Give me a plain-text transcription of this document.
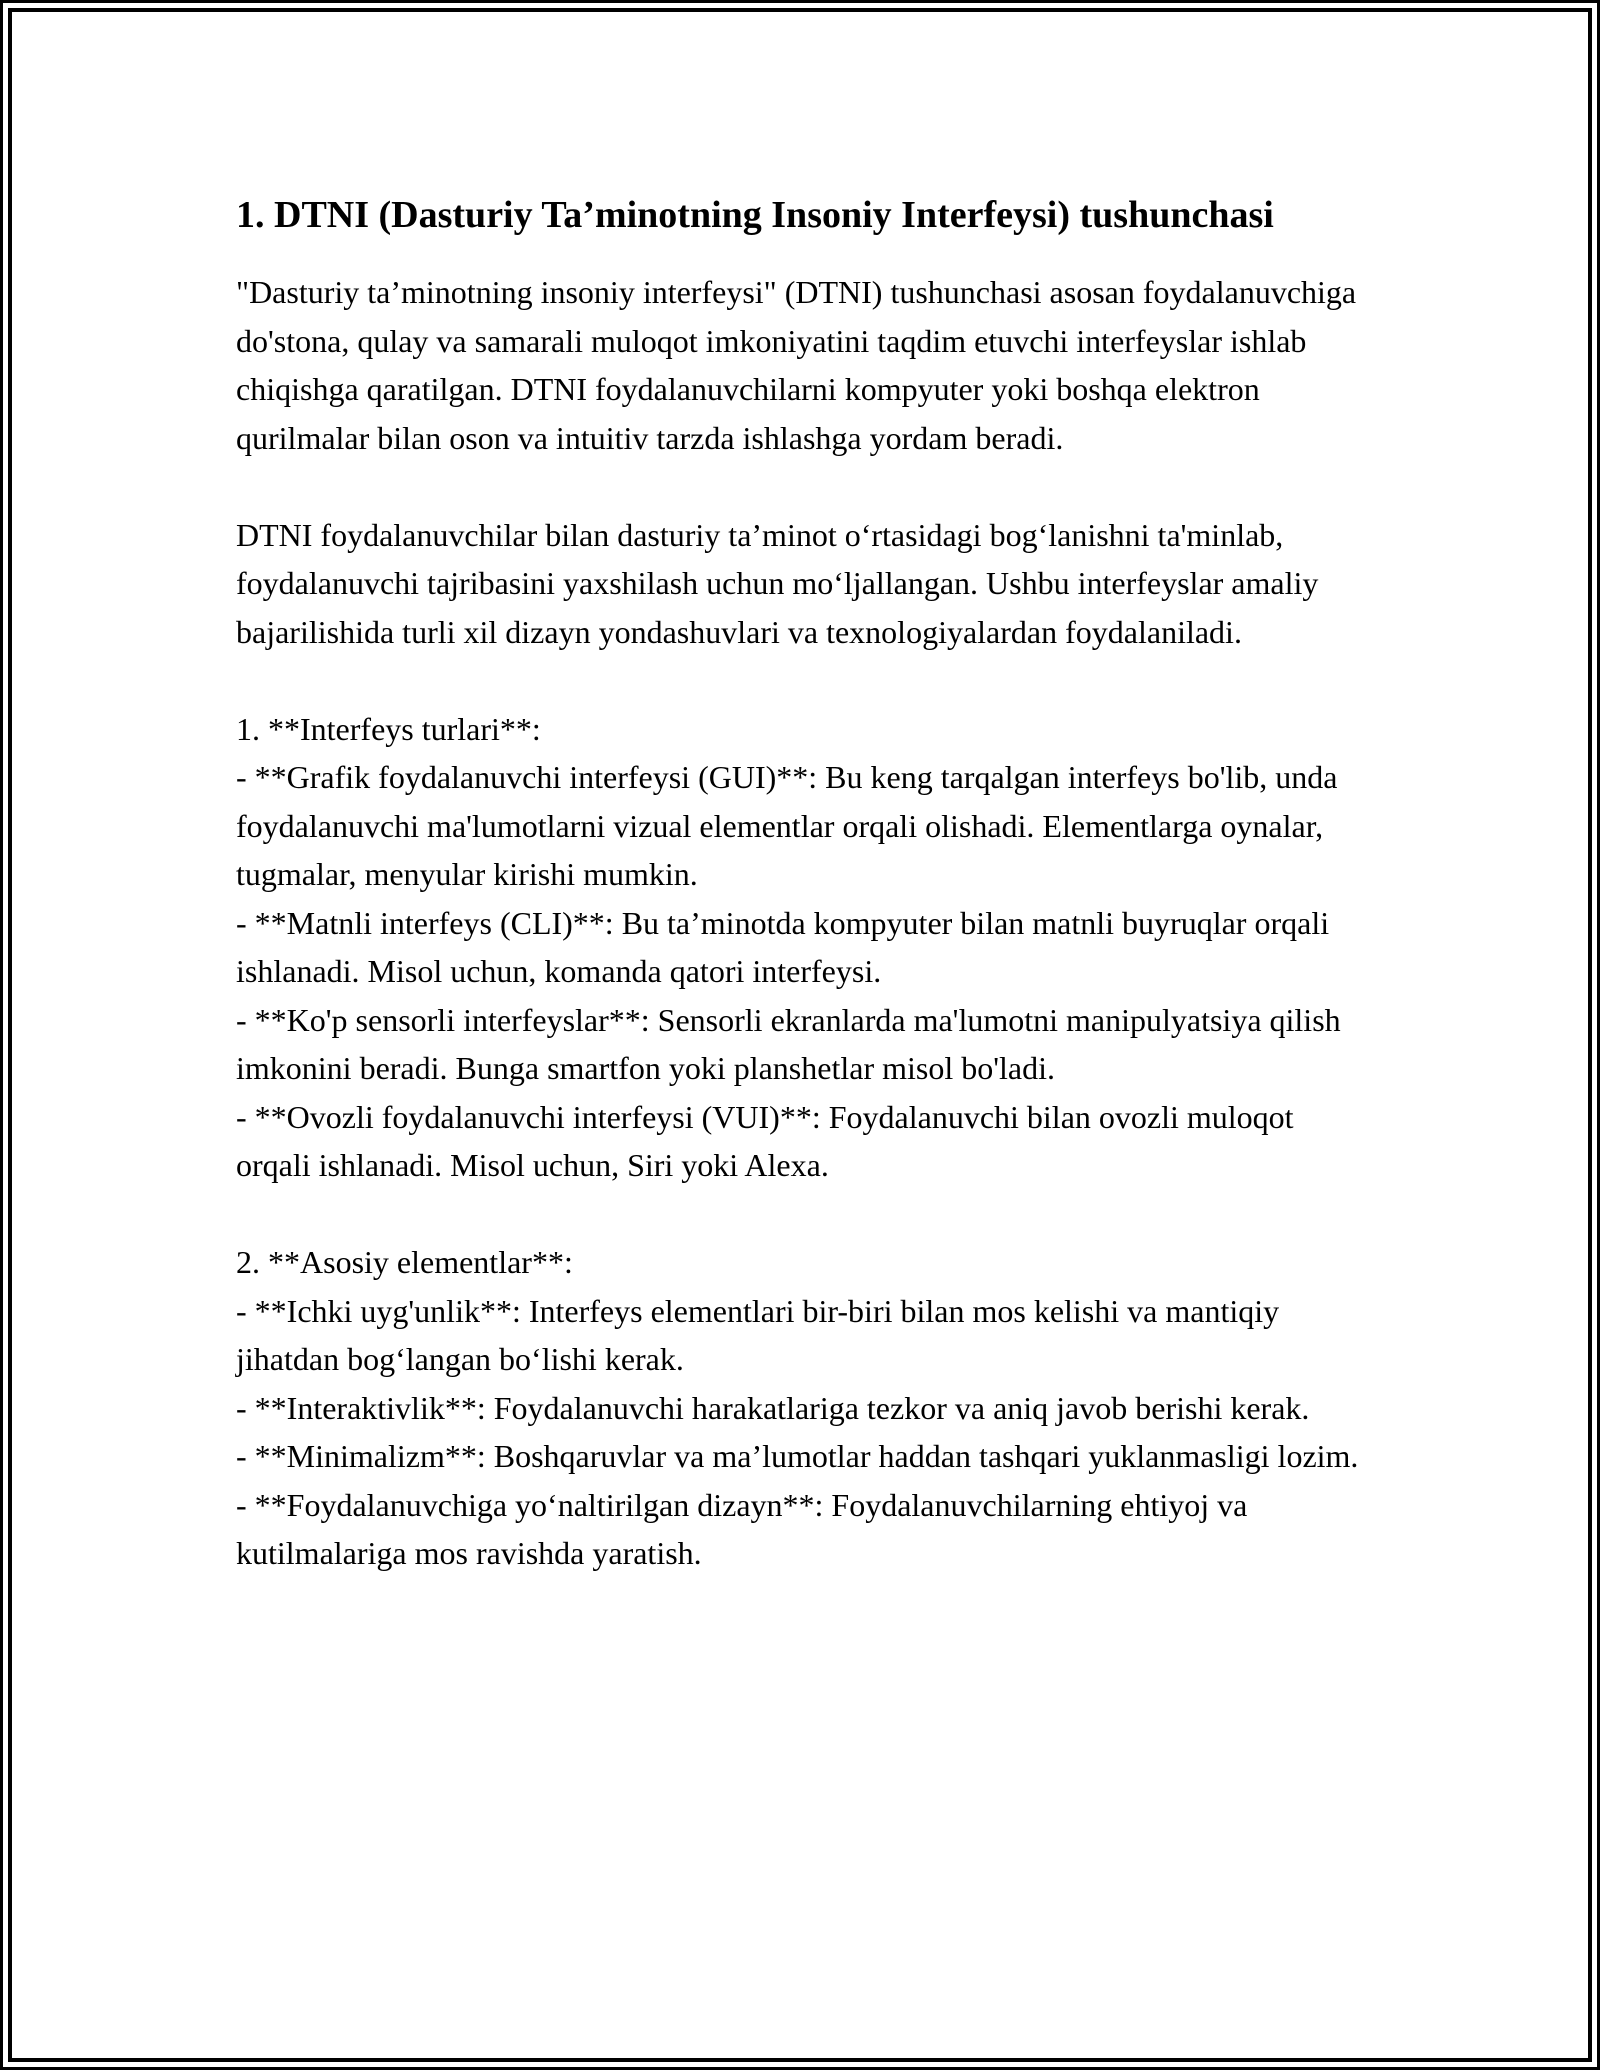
1. DTNI (Dasturiy Ta’minotning Insoniy Interfeysi) tushunchasi

"Dasturiy ta’minotning insoniy interfeysi" (DTNI) tushunchasi asosan foydalanuvchiga do'stona, qulay va samarali muloqot imkoniyatini taqdim etuvchi interfeyslar ishlab chiqishga qaratilgan. DTNI foydalanuvchilarni kompyuter yoki boshqa elektron qurilmalar bilan oson va intuitiv tarzda ishlashga yordam beradi.

DTNI foydalanuvchilar bilan dasturiy ta’minot o‘rtasidagi bog‘lanishni ta'minlab, foydalanuvchi tajribasini yaxshilash uchun mo‘ljallangan. Ushbu interfeyslar amaliy bajarilishida turli xil dizayn yondashuvlari va texnologiyalardan foydalaniladi.

1. **Interfeys turlari**:

- **Grafik foydalanuvchi interfeysi (GUI)**: Bu keng tarqalgan interfeys bo'lib, unda foydalanuvchi ma'lumotlarni vizual elementlar orqali olishadi. Elementlarga oynalar, tugmalar, menyular kirishi mumkin.

- **Matnli interfeys (CLI)**: Bu ta’minotda kompyuter bilan matnli buyruqlar orqali ishlanadi. Misol uchun, komanda qatori interfeysi.

- **Ko'p sensorli interfeyslar**: Sensorli ekranlarda ma'lumotni manipulyatsiya qilish imkonini beradi. Bunga smartfon yoki planshetlar misol bo'ladi.

- **Ovozli foydalanuvchi interfeysi (VUI)**: Foydalanuvchi bilan ovozli muloqot orqali ishlanadi. Misol uchun, Siri yoki Alexa.

2. **Asosiy elementlar**:

- **Ichki uyg'unlik**: Interfeys elementlari bir-biri bilan mos kelishi va mantiqiy jihatdan bog‘langan bo‘lishi kerak.

- **Interaktivlik**: Foydalanuvchi harakatlariga tezkor va aniq javob berishi kerak.

- **Minimalizm**: Boshqaruvlar va ma’lumotlar haddan tashqari yuklanmasligi lozim.

- **Foydalanuvchiga yo‘naltirilgan dizayn**: Foydalanuvchilarning ehtiyoj va kutilmalariga mos ravishda yaratish.
